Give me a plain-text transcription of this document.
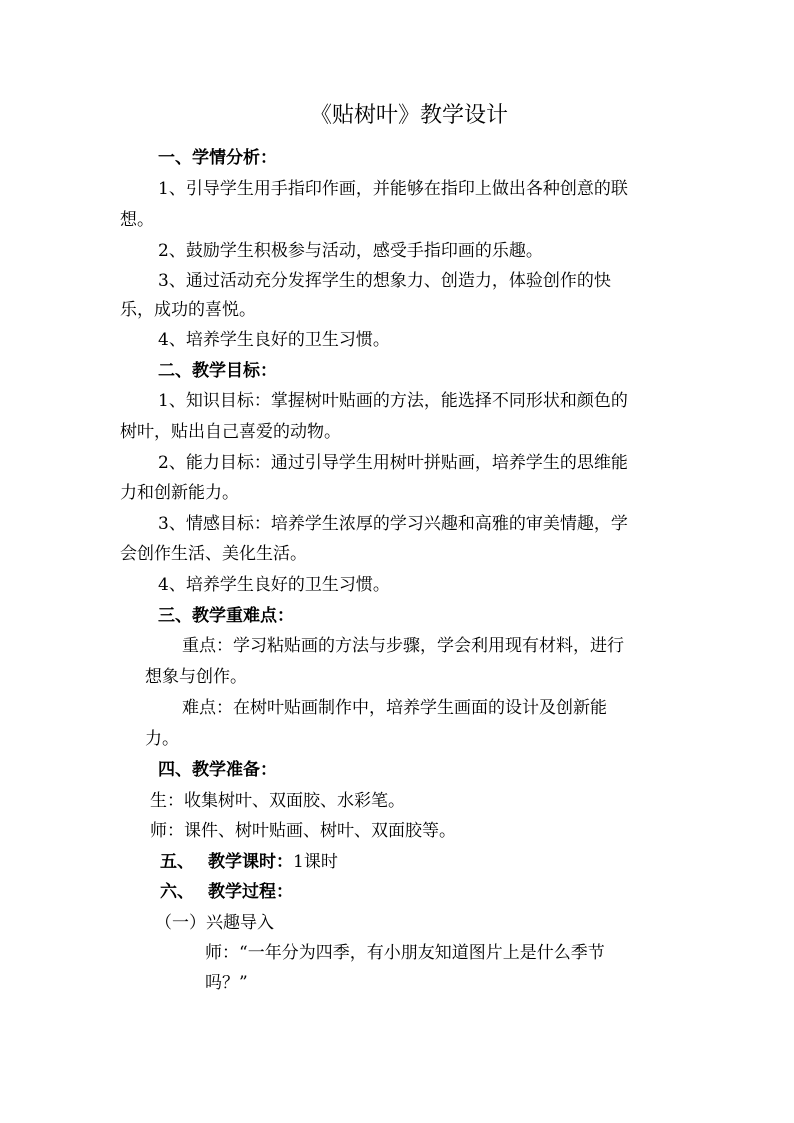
《贴树叶》教学设计
一、学情分析：
1、引导学生用手指印作画，并能够在指印上做出各种创意的联
想。
2、鼓励学生积极参与活动，感受手指印画的乐趣。
3、通过活动充分发挥学生的想象力、创造力，体验创作的快
乐，成功的喜悦。
4、培养学生良好的卫生习惯。
二、教学目标：
1、知识目标：掌握树叶贴画的方法，能选择不同形状和颜色的
树叶，贴出自己喜爱的动物。
2、能力目标：通过引导学生用树叶拼贴画，培养学生的思维能
力和创新能力。
3、情感目标：培养学生浓厚的学习兴趣和高雅的审美情趣，学
会创作生活、美化生活。
4、培养学生良好的卫生习惯。
三、教学重难点：
重点：学习粘贴画的方法与步骤，学会利用现有材料，进行
想象与创作。
难点：在树叶贴画制作中，培养学生画面的设计及创新能
力。
四、教学准备：
生：收集树叶、双面胶、水彩笔。
师：课件、树叶贴画、树叶、双面胶等。
五、 教学课时：1课时
六、 教学过程：
（一）兴趣导入
师：“一年分为四季，有小朋友知道图片上是什么季节
吗？”
